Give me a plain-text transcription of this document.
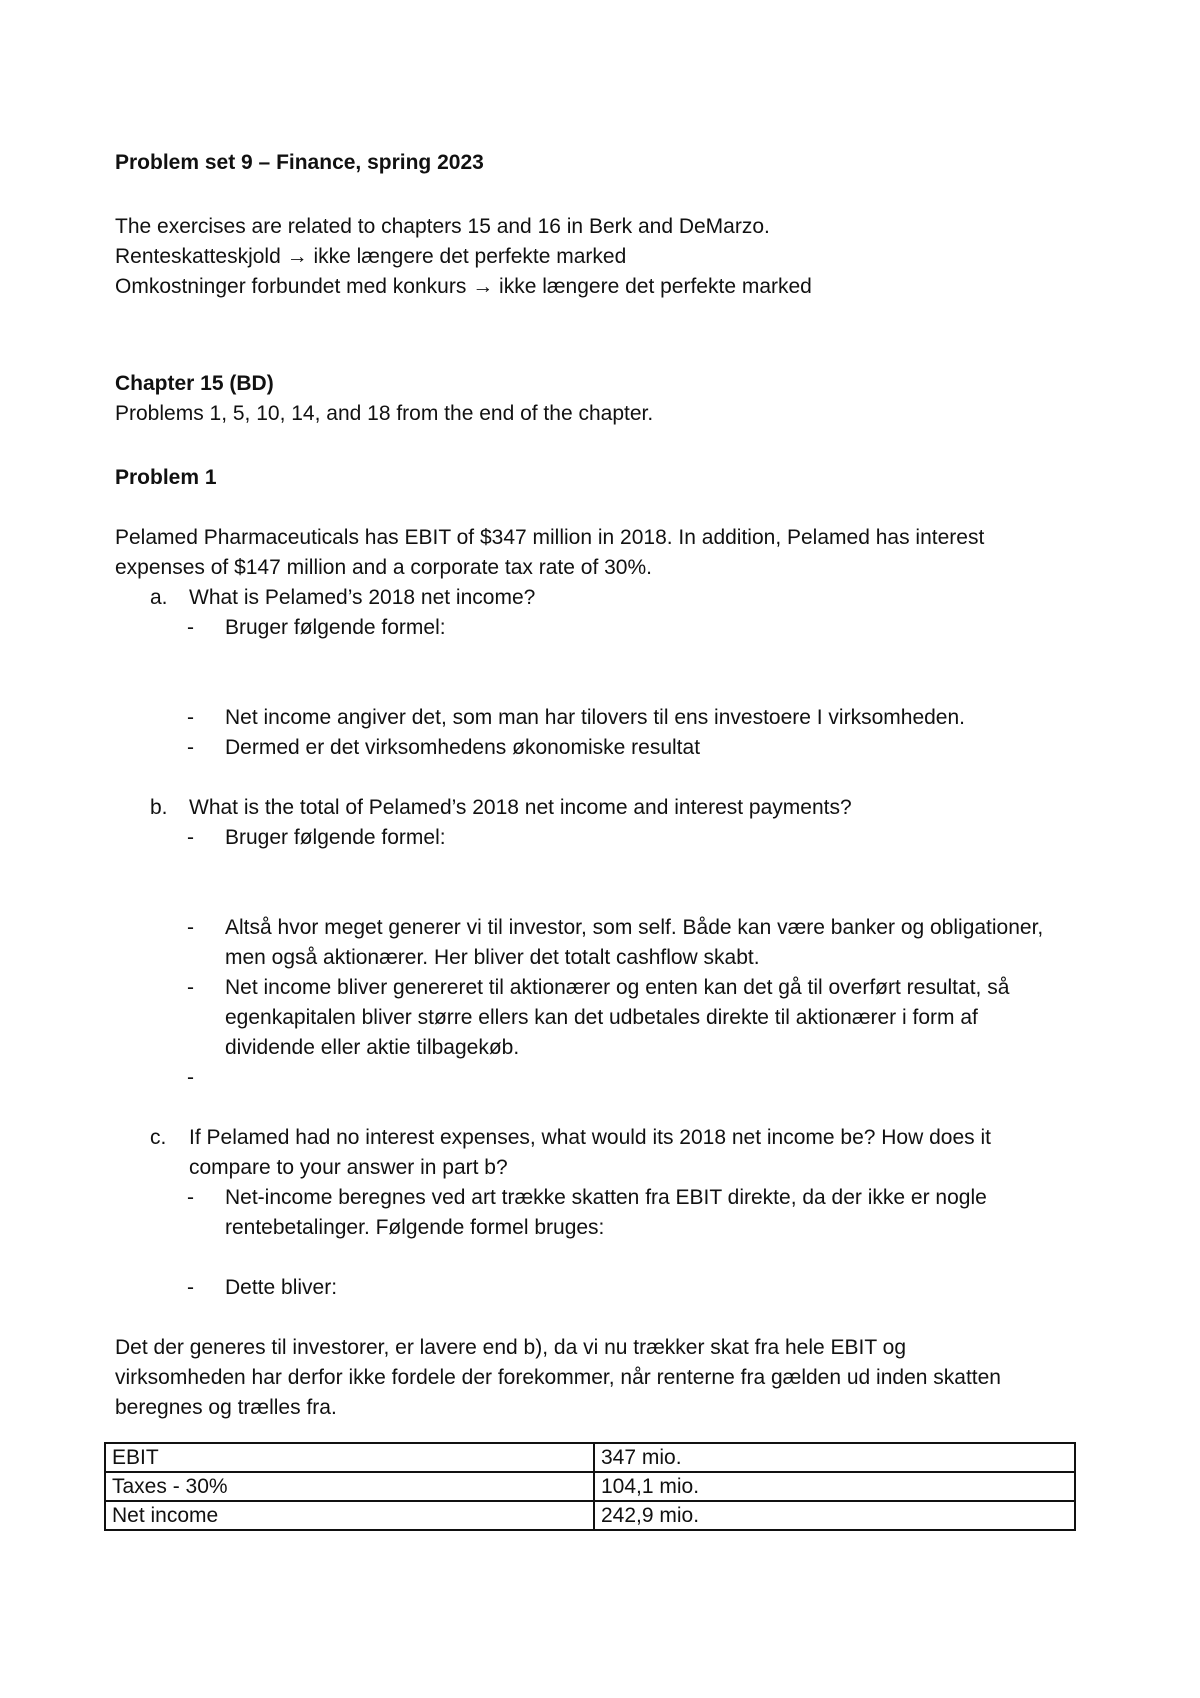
Problem set 9 – Finance, spring 2023

The exercises are related to chapters 15 and 16 in Berk and DeMarzo.

Renteskatteskjold → ikke længere det perfekte marked

Omkostninger forbundet med konkurs → ikke længere det perfekte marked

Chapter 15 (BD)

Problems 1, 5, 10, 14, and 18 from the end of the chapter.

Problem 1

Pelamed Pharmaceuticals has EBIT of $347 million in 2018. In addition, Pelamed has interest

expenses of $147 million and a corporate tax rate of 30%.

a. What is Pelamed’s 2018 net income?

- Bruger følgende formel:

- Net income angiver det, som man har tilovers til ens investoere I virksomheden.

- Dermed er det virksomhedens økonomiske resultat

b. What is the total of Pelamed’s 2018 net income and interest payments?

- Bruger følgende formel:

- Altså hvor meget generer vi til investor, som self. Både kan være banker og obligationer,

men også aktionærer. Her bliver det totalt cashflow skabt.

- Net income bliver genereret til aktionærer og enten kan det gå til overført resultat, så

egenkapitalen bliver større ellers kan det udbetales direkte til aktionærer i form af

dividende eller aktie tilbagekøb.

-

c. If Pelamed had no interest expenses, what would its 2018 net income be? How does it

compare to your answer in part b?

- Net-income beregnes ved art trække skatten fra EBIT direkte, da der ikke er nogle

rentebetalinger. Følgende formel bruges:

- Dette bliver:

Det der generes til investorer, er lavere end b), da vi nu trækker skat fra hele EBIT og

virksomheden har derfor ikke fordele der forekommer, når renterne fra gælden ud inden skatten

beregnes og trælles fra.

EBIT	347 mio.
Taxes - 30%	104,1 mio.
Net income	242,9 mio.
